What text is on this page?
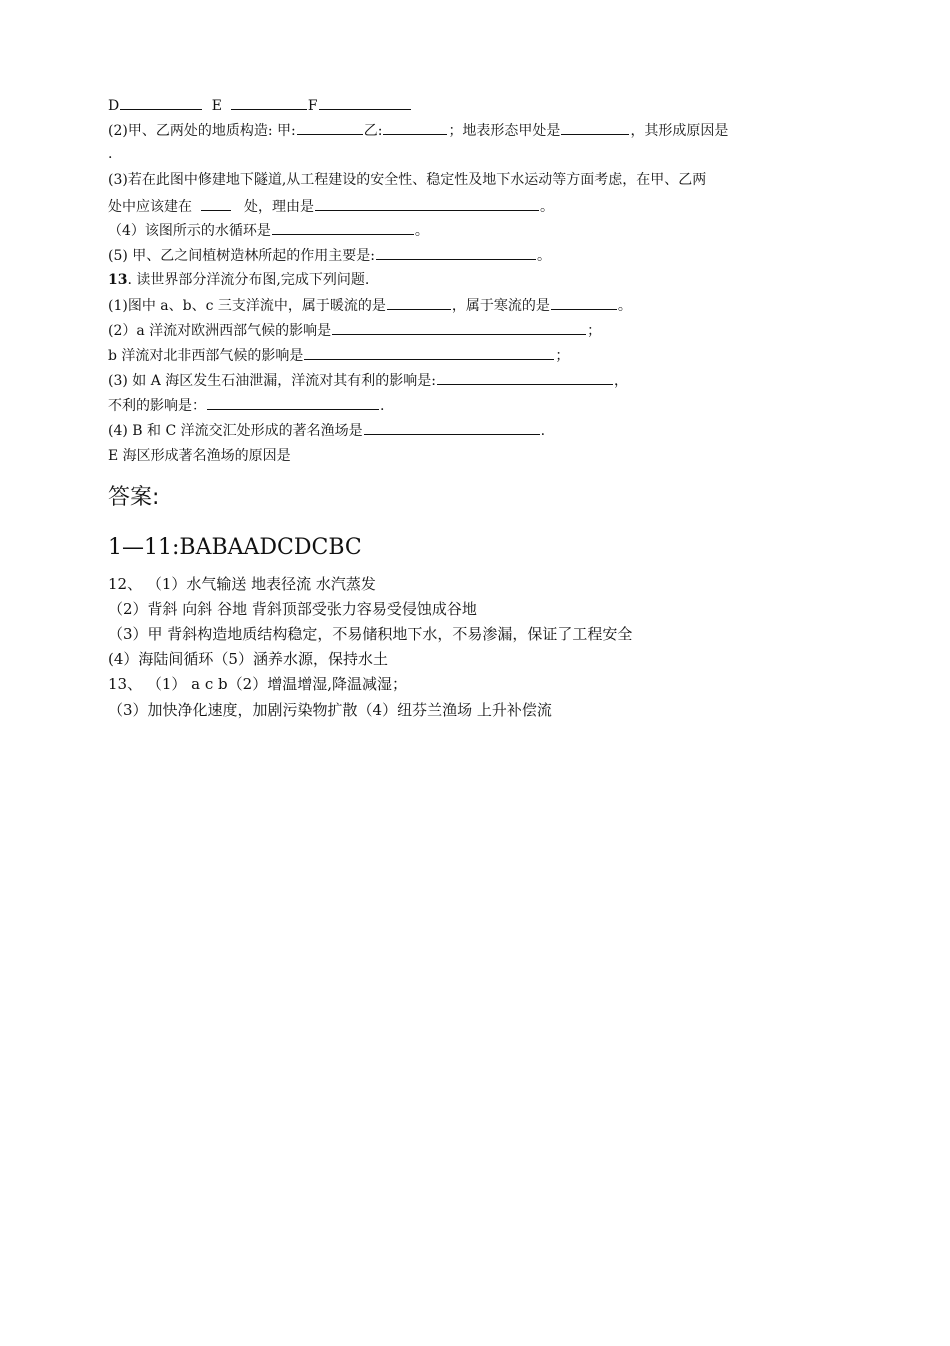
D	E	F
(2)甲、乙两处的地质构造: 甲:	乙:	；地表形态甲处是	，其形成原因是
.
(3)若在此图中修建地下隧道,从工程建设的安全性、稳定性及地下水运动等方面考虑，在甲、乙两
处中应该建在	处，理由是	。
（4）该图所示的水循环是	。
(5) 甲、乙之间植树造林所起的作用主要是:	。
13. 读世界部分洋流分布图,完成下列问题.
(1)图中 a、b、c 三支洋流中，属于暖流的是	，属于寒流的是	。
(2）a 洋流对欧洲西部气候的影响是	；
b 洋流对北非西部气候的影响是	；
(3) 如 A 海区发生石油泄漏，洋流对其有利的影响是:	，
不利的影响是：	.
(4) B 和 C 洋流交汇处形成的著名渔场是	.
E 海区形成著名渔场的原因是
答案:
1—11:BABAADCDCBC
12、 （1）水气输送 地表径流 水汽蒸发
（2）背斜 向斜 谷地 背斜顶部受张力容易受侵蚀成谷地
（3）甲 背斜构造地质结构稳定，不易储积地下水，不易渗漏，保证了工程安全
(4）海陆间循环（5）涵养水源，保持水土
13、 （1） a c b（2）增温增湿,降温减湿；
（3）加快净化速度，加剧污染物扩散（4）纽芬兰渔场 上升补偿流
